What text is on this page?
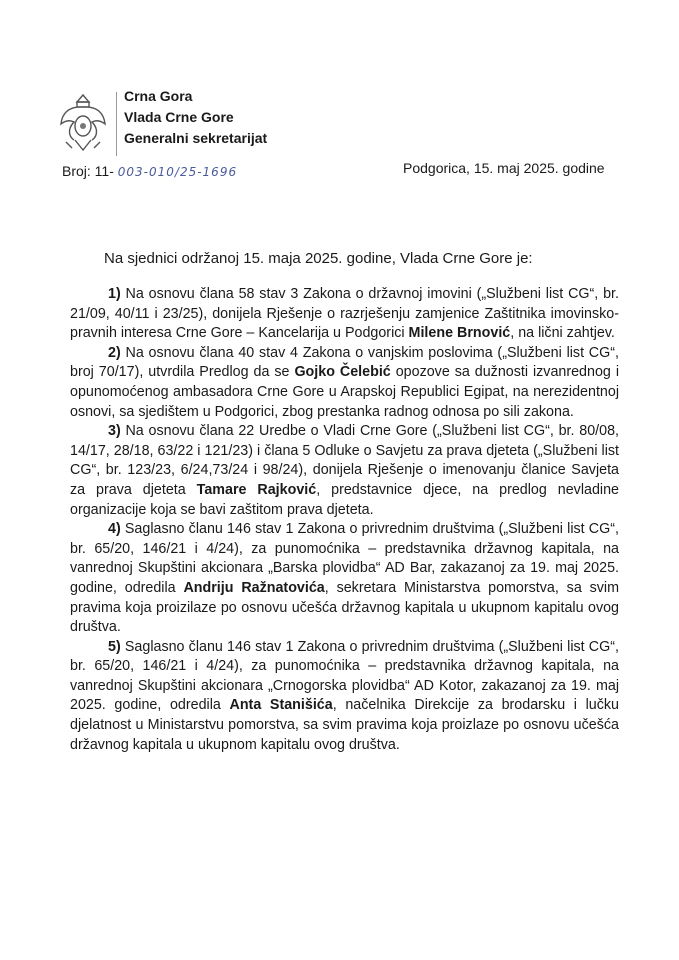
Crna Gora
Vlada Crne Gore
Generalni sekretarijat
Broj: 11- 003-010/25-1696	Podgorica, 15. maj 2025. godine
Na sjednici održanoj 15. maja 2025. godine, Vlada Crne Gore je:

1) Na osnovu člana 58 stav 3 Zakona o državnoj imovini („Službeni list CG“, br. 21/09, 40/11 i 23/25), donijela Rješenje o razrješenju zamjenice Zaštitnika imovinsko-pravnih interesa Crne Gore – Kancelarija u Podgorici Milene Brnović, na lični zahtjev.

2) Na osnovu člana 40 stav 4 Zakona o vanjskim poslovima („Službeni list CG“, broj 70/17), utvrdila Predlog da se Gojko Čelebić opozove sa dužnosti izvanrednog i opunomoćenog ambasadora Crne Gore u Arapskoj Republici Egipat, na nerezidentnoj osnovi, sa sjedištem u Podgorici, zbog prestanka radnog odnosa po sili zakona.

3) Na osnovu člana 22 Uredbe o Vladi Crne Gore („Službeni list CG“, br. 80/08, 14/17, 28/18, 63/22 i 121/23) i člana 5 Odluke o Savjetu za prava djeteta („Službeni list CG“, br. 123/23, 6/24,73/24 i 98/24), donijela Rješenje o imenovanju članice Savjeta za prava djeteta Tamare Rajković, predstavnice djece, na predlog nevladine organizacije koja se bavi zaštitom prava djeteta.

4) Saglasno članu 146 stav 1 Zakona o privrednim društvima („Službeni list CG“, br. 65/20, 146/21 i 4/24), za punomoćnika – predstavnika državnog kapitala, na vanrednoj Skupštini akcionara „Barska plovidba“ AD Bar, zakazanoj za 19. maj 2025. godine, odredila Andriju Ražnatovića, sekretara Ministarstva pomorstva, sa svim pravima koja proizilaze po osnovu učešća državnog kapitala u ukupnom kapitalu ovog društva.

5) Saglasno članu 146 stav 1 Zakona o privrednim društvima („Službeni list CG“, br. 65/20, 146/21 i 4/24), za punomoćnika – predstavnika državnog kapitala, na vanrednoj Skupštini akcionara „Crnogorska plovidba“ AD Kotor, zakazanoj za 19. maj 2025. godine, odredila Anta Stanišića, načelnika Direkcije za brodarsku i lučku djelatnost u Ministarstvu pomorstva, sa svim pravima koja proizlaze po osnovu učešća državnog kapitala u ukupnom kapitalu ovog društva.
